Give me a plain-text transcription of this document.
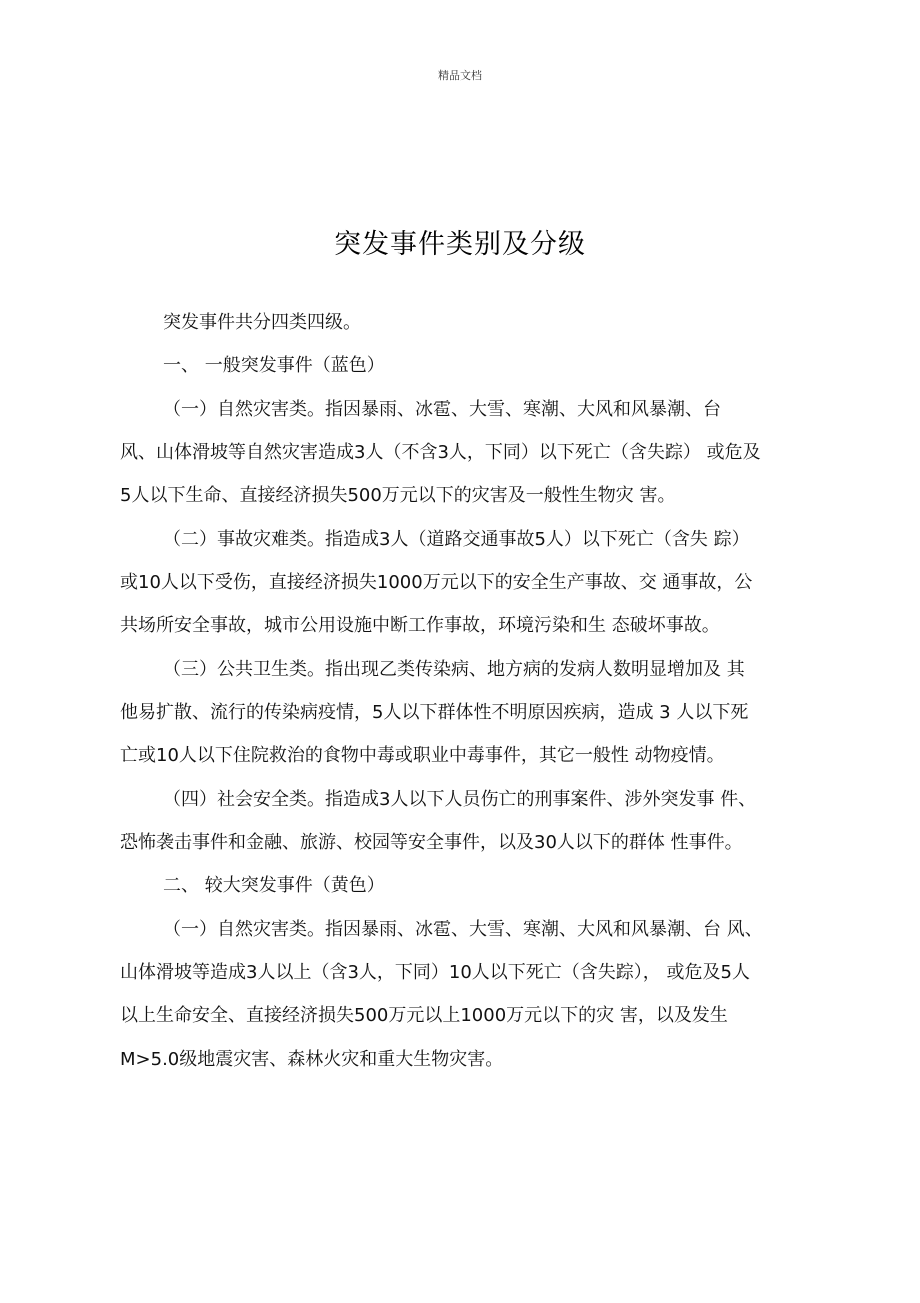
精品文档
突发事件类别及分级
突发事件共分四类四级。
一、 一般突发事件（蓝色）
（一）自然灾害类。指因暴雨、冰雹、大雪、寒潮、大风和风暴潮、台
风、山体滑坡等自然灾害造成3人（不含3人，下同）以下死亡（含失踪） 或危及
5人以下生命、直接经济损失500万元以下的灾害及一般性生物灾 害。
（二）事故灾难类。指造成3人（道路交通事故5人）以下死亡（含失 踪）
或10人以下受伤，直接经济损失1000万元以下的安全生产事故、交 通事故，公
共场所安全事故，城市公用设施中断工作事故，环境污染和生 态破坏事故。
（三）公共卫生类。指出现乙类传染病、地方病的发病人数明显增加及 其
他易扩散、流行的传染病疫情，5人以下群体性不明原因疾病，造成 3 人以下死
亡或10人以下住院救治的食物中毒或职业中毒事件，其它一般性 动物疫情。
（四）社会安全类。指造成3人以下人员伤亡的刑事案件、涉外突发事 件、
恐怖袭击事件和金融、旅游、校园等安全事件，以及30人以下的群体 性事件。
二、 较大突发事件（黄色）
（一）自然灾害类。指因暴雨、冰雹、大雪、寒潮、大风和风暴潮、台 风、
山体滑坡等造成3人以上（含3人，下同）10人以下死亡（含失踪）， 或危及5人
以上生命安全、直接经济损失500万元以上1000万元以下的灾 害，以及发生
M>5.0级地震灾害、森林火灾和重大生物灾害。
